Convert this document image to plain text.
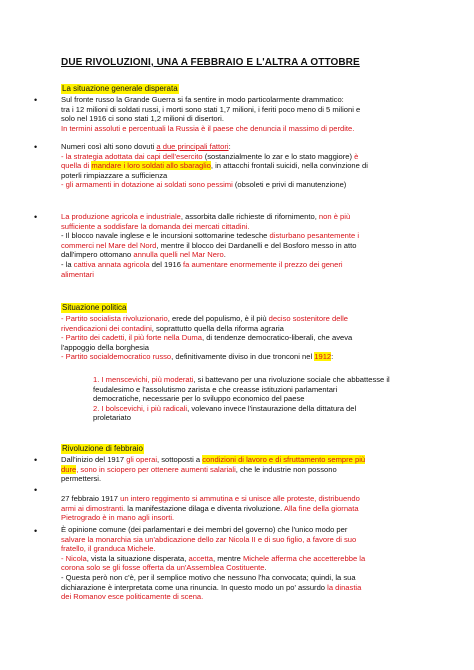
DUE RIVOLUZIONI, UNA A FEBBRAIO E L'ALTRA A OTTOBRE
La situazione generale disperata
•	Sul fronte russo la Grande Guerra si fa sentire in modo particolarmente drammatico:
tra i 12 milioni di soldati russi, i morti sono stati 1,7 milioni, i feriti poco meno di 5 milioni e
solo nel 1916 ci sono stati 1,2 milioni di disertori.
In termini assoluti e percentuali la Russia è il paese che denuncia il massimo di perdite.
•	Numeri così alti sono dovuti a due principali fattori:
- la strategia adottata dai capi dell'esercito (sostanzialmente lo zar e lo stato maggiore) è
quella di mandare i loro soldati allo sbaraglio, in attacchi frontali suicidi, nella convinzione di
poterli rimpiazzare a sufficienza
- gli armamenti in dotazione ai soldati sono pessimi (obsoleti e privi di manutenzione)
•	La produzione agricola e industriale, assorbita dalle richieste di rifornimento, non è più
sufficiente a soddisfare la domanda dei mercati cittadini.
- Il blocco navale inglese e le incursioni sottomarine tedesche disturbano pesantemente i
commerci nel Mare del Nord, mentre il blocco dei Dardanelli e del Bosforo messo in atto
dall'impero ottomano annulla quelli nel Mar Nero.
- la cattiva annata agricola del 1916 fa aumentare enormemente il prezzo dei generi
alimentari
Situazione politica
- Partito socialista rivoluzionario, erede del populismo, è il più deciso sostenitore delle
rivendicazioni dei contadini, soprattutto quella della riforma agraria
- Partito dei cadetti, il più forte nella Duma, di tendenze democratico-liberali, che aveva
l'appoggio della borghesia
- Partito socialdemocratico russo, definitivamente diviso in due tronconi nel 1912:
1. I menscevichi, più moderati, si battevano per una rivoluzione sociale che abbattesse il
feudalesimo e l'assolutismo zarista e che creasse istituzioni parlamentari
democratiche, necessarie per lo sviluppo economico del paese
2. I bolscevichi, i più radicali, volevano invece l'instaurazione della dittatura del
proletariato
Rivoluzione di febbraio
•	Dall'inizio del 1917 gli operai, sottoposti a condizioni di lavoro e di sfruttamento sempre più
dure, sono in sciopero per ottenere aumenti salariali, che le industrie non possono
permettersi.
•
27 febbraio 1917 un intero reggimento si ammutina e si unisce alle proteste, distribuendo
armi ai dimostranti. la manifestazione dilaga e diventa rivoluzione. Alla fine della giornata
Pietrogrado è in mano agli insorti.
•	È opinione comune (dei parlamentari e dei membri del governo) che l'unico modo per
salvare la monarchia sia un'abdicazione dello zar Nicola II e di suo figlio, a favore di suo
fratello, il granduca Michele.
- Nicola, vista la situazione disperata, accetta, mentre Michele afferma che accetterebbe la
corona solo se gli fosse offerta da un'Assemblea Costituente.
- Questa però non c'è, per il semplice motivo che nessuno l'ha convocata; quindi, la sua
dichiarazione è interpretata come una rinuncia. In questo modo un po' assurdo la dinastia
dei Romanov esce politicamente di scena.
